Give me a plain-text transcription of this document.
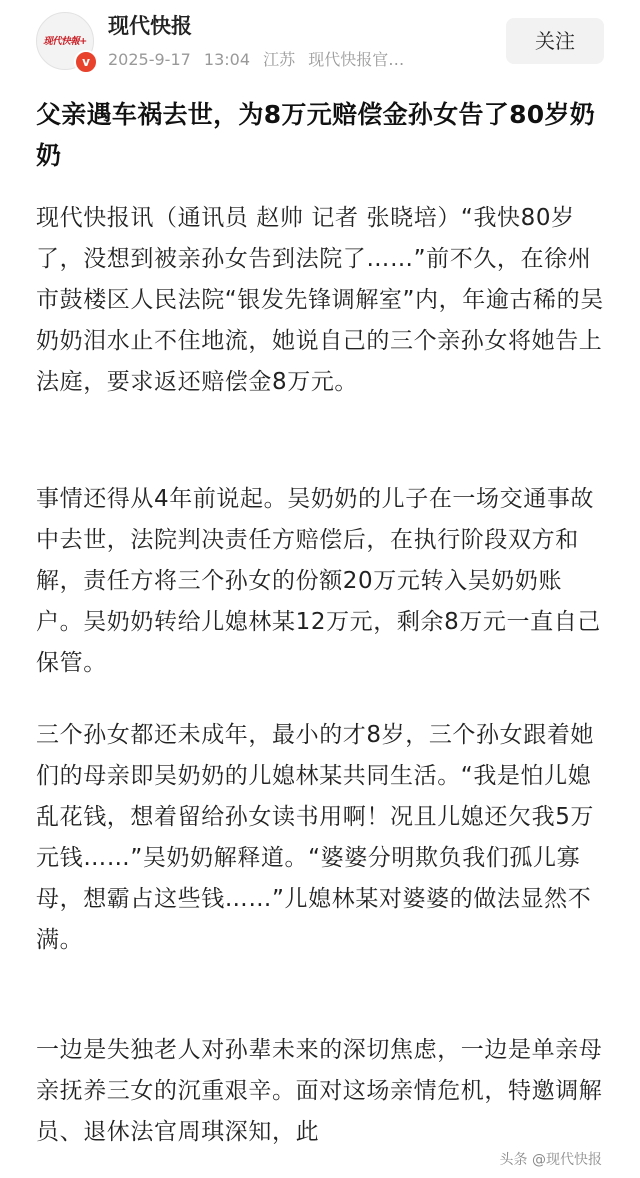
现代快報+
v
现代快报
2025-9-17 13:04 江苏 现代快报官…
关注
父亲遇车祸去世，为8万元赔偿金孙女告了80岁奶奶

现代快报讯（通讯员 赵帅 记者 张晓培）“我快80岁了，没想到被亲孙女告到法院了……”前不久，在徐州市鼓楼区人民法院“银发先锋调解室”内，年逾古稀的吴奶奶泪水止不住地流，她说自己的三个亲孙女将她告上法庭，要求返还赔偿金8万元。

事情还得从4年前说起。吴奶奶的儿子在一场交通事故中去世，法院判决责任方赔偿后，在执行阶段双方和解，责任方将三个孙女的份额20万元转入吴奶奶账户。吴奶奶转给儿媳林某12万元，剩余8万元一直自己保管。

三个孙女都还未成年，最小的才8岁，三个孙女跟着她们的母亲即吴奶奶的儿媳林某共同生活。“我是怕儿媳乱花钱，想着留给孙女读书用啊！况且儿媳还欠我5万元钱……”吴奶奶解释道。“婆婆分明欺负我们孤儿寡母，想霸占这些钱……”儿媳林某对婆婆的做法显然不满。

一边是失独老人对孙辈未来的深切焦虑，一边是单亲母亲抚养三女的沉重艰辛。面对这场亲情危机，特邀调解员、退休法官周琪深知，此

头条 @现代快报
